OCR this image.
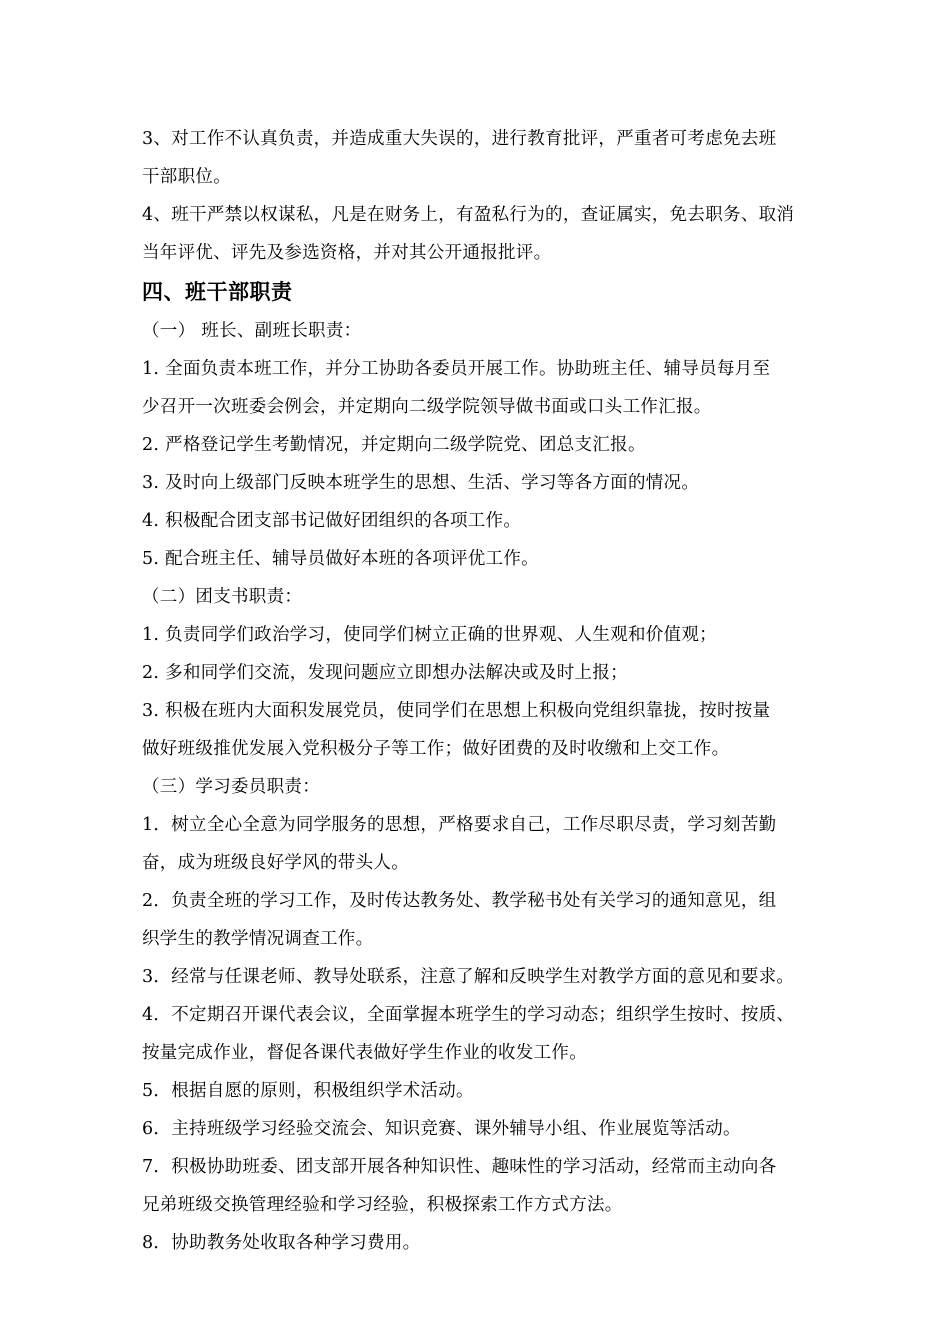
3、对工作不认真负责，并造成重大失误的，进行教育批评，严重者可考虑免去班
干部职位。
4、班干严禁以权谋私，凡是在财务上，有盈私行为的，查证属实，免去职务、取消
当年评优、评先及参选资格，并对其公开通报批评。
四、班干部职责
（一） 班长、副班长职责：
1. 全面负责本班工作，并分工协助各委员开展工作。协助班主任、辅导员每月至
少召开一次班委会例会，并定期向二级学院领导做书面或口头工作汇报。
2. 严格登记学生考勤情况，并定期向二级学院党、团总支汇报。
3. 及时向上级部门反映本班学生的思想、生活、学习等各方面的情况。
4. 积极配合团支部书记做好团组织的各项工作。
5. 配合班主任、辅导员做好本班的各项评优工作。
（二）团支书职责：
1. 负责同学们政治学习，使同学们树立正确的世界观、人生观和价值观；
2. 多和同学们交流，发现问题应立即想办法解决或及时上报；
3. 积极在班内大面积发展党员，使同学们在思想上积极向党组织靠拢，按时按量
做好班级推优发展入党积极分子等工作；做好团费的及时收缴和上交工作。
（三）学习委员职责：
1．树立全心全意为同学服务的思想，严格要求自己，工作尽职尽责，学习刻苦勤
奋，成为班级良好学风的带头人。
2．负责全班的学习工作，及时传达教务处、教学秘书处有关学习的通知意见，组
织学生的教学情况调查工作。
3．经常与任课老师、教导处联系，注意了解和反映学生对教学方面的意见和要求。
4．不定期召开课代表会议，全面掌握本班学生的学习动态；组织学生按时、按质、
按量完成作业，督促各课代表做好学生作业的收发工作。
5．根据自愿的原则，积极组织学术活动。
6．主持班级学习经验交流会、知识竞赛、课外辅导小组、作业展览等活动。
7．积极协助班委、团支部开展各种知识性、趣味性的学习活动，经常而主动向各
兄弟班级交换管理经验和学习经验，积极探索工作方式方法。
8．协助教务处收取各种学习费用。
